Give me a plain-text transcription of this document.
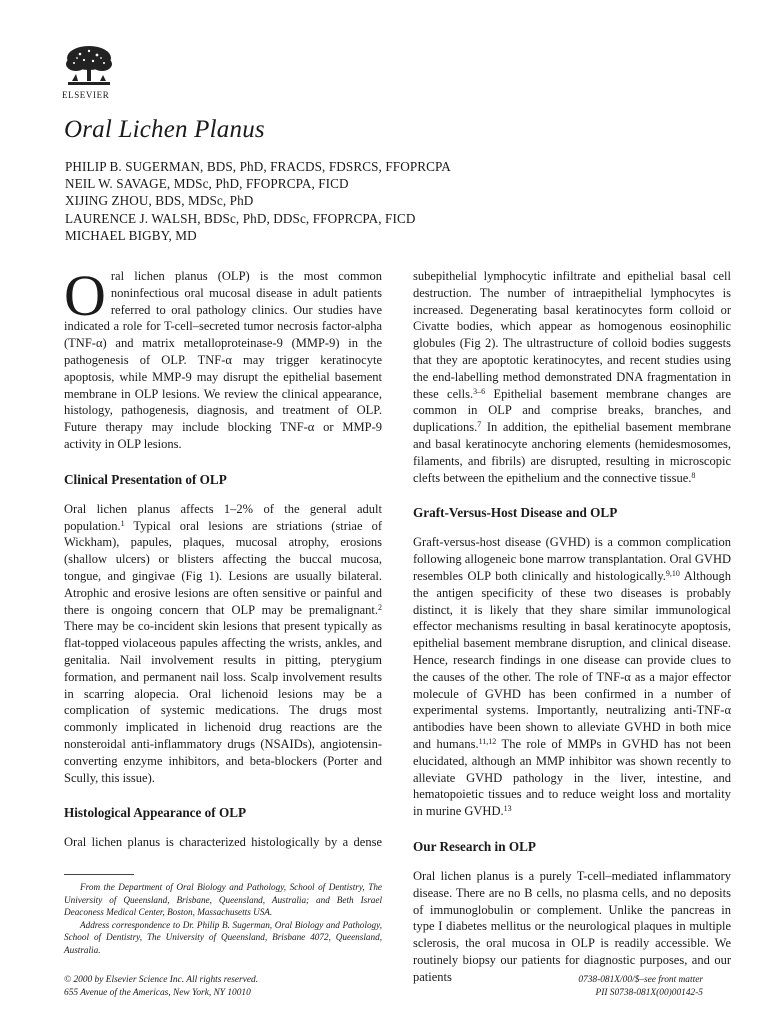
ELSEVIER
Oral Lichen Planus
PHILIP B. SUGERMAN, BDS, PhD, FRACDS, FDSRCS, FFOPRCPA
NEIL W. SAVAGE, MDSc, PhD, FFOPRCPA, FICD
XIJING ZHOU, BDS, MDSc, PhD
LAURENCE J. WALSH, BDSc, PhD, DDSc, FFOPRCPA, FICD
MICHAEL BIGBY, MD

Oral lichen planus (OLP) is the most common noninfectious oral mucosal disease in adult patients referred to oral pathology clinics. Our studies have indicated a role for T-cell–secreted tumor necrosis factor-alpha (TNF-α) and matrix metalloproteinase-9 (MMP-9) in the pathogenesis of OLP. TNF-α may trigger keratinocyte apoptosis, while MMP-9 may disrupt the epithelial basement membrane in OLP lesions. We review the clinical appearance, histology, pathogenesis, diagnosis, and treatment of OLP. Future therapy may include blocking TNF-α or MMP-9 activity in OLP lesions.

Clinical Presentation of OLP

Oral lichen planus affects 1–2% of the general adult population.$^1$ Typical oral lesions are striations (striae of Wickham), papules, plaques, mucosal atrophy, erosions (shallow ulcers) or blisters affecting the buccal mucosa, tongue, and gingivae (Fig 1). Lesions are usually bilateral. Atrophic and erosive lesions are often sensitive or painful and there is ongoing concern that OLP may be premalignant.$^2$ There may be co-incident skin lesions that present typically as flat-topped violaceous papules affecting the wrists, ankles, and genitalia. Nail involvement results in pitting, pterygium formation, and permanent nail loss. Scalp involvement results in scarring alopecia. Oral lichenoid lesions may be a complication of systemic medications. The drugs most commonly implicated in lichenoid drug reactions are the nonsteroidal anti-inflammatory drugs (NSAIDs), angiotensin-converting enzyme inhibitors, and beta-blockers (Porter and Scully, this issue).

Histological Appearance of OLP

Oral lichen planus is characterized histologically by a dense

From the Department of Oral Biology and Pathology, School of Dentistry, The University of Queensland, Brisbane, Queensland, Australia; and Beth Israel Deaconess Medical Center, Boston, Massachusetts USA.

Address correspondence to Dr. Philip B. Sugerman, Oral Biology and Pathology, School of Dentistry, The University of Queensland, Brisbane 4072, Queensland, Australia.

© 2000 by Elsevier Science Inc. All rights reserved.
655 Avenue of the Americas, New York, NY 10010
0738-081X/00/$–see front matter
PII S0738-081X(00)00142-5

subepithelial lymphocytic infiltrate and epithelial basal cell destruction. The number of intraepithelial lymphocytes is increased. Degenerating basal keratinocytes form colloid or Civatte bodies, which appear as homogenous eosinophilic globules (Fig 2). The ultrastructure of colloid bodies suggests that they are apoptotic keratinocytes, and recent studies using the end-labelling method demonstrated DNA fragmentation in these cells.$^{3-6}$ Epithelial basement membrane changes are common in OLP and comprise breaks, branches, and duplications.$^7$ In addition, the epithelial basement membrane and basal keratinocyte anchoring elements (hemidesmosomes, filaments, and fibrils) are disrupted, resulting in microscopic clefts between the epithelium and the connective tissue.$^8$

Graft-Versus-Host Disease and OLP

Graft-versus-host disease (GVHD) is a common complication following allogeneic bone marrow transplantation. Oral GVHD resembles OLP both clinically and histologically.$^{9,10}$ Although the antigen specificity of these two diseases is probably distinct, it is likely that they share similar immunological effector mechanisms resulting in basal keratinocyte apoptosis, epithelial basement membrane disruption, and clinical disease. Hence, research findings in one disease can provide clues to the causes of the other. The role of TNF-α as a major effector molecule of GVHD has been confirmed in a number of experimental systems. Importantly, neutralizing anti-TNF-α antibodies have been shown to alleviate GVHD in both mice and humans.$^{11,12}$ The role of MMPs in GVHD has not been elucidated, although an MMP inhibitor was shown recently to alleviate GVHD pathology in the liver, intestine, and hematopoietic tissues and to reduce weight loss and mortality in murine GVHD.$^{13}$

Our Research in OLP

Oral lichen planus is a purely T-cell–mediated inflammatory disease. There are no B cells, no plasma cells, and no deposits of immunoglobulin or complement. Unlike the pancreas in type I diabetes mellitus or the neurological plaques in multiple sclerosis, the oral mucosa in OLP is readily accessible. We routinely biopsy our patients for diagnostic purposes, and our patients
